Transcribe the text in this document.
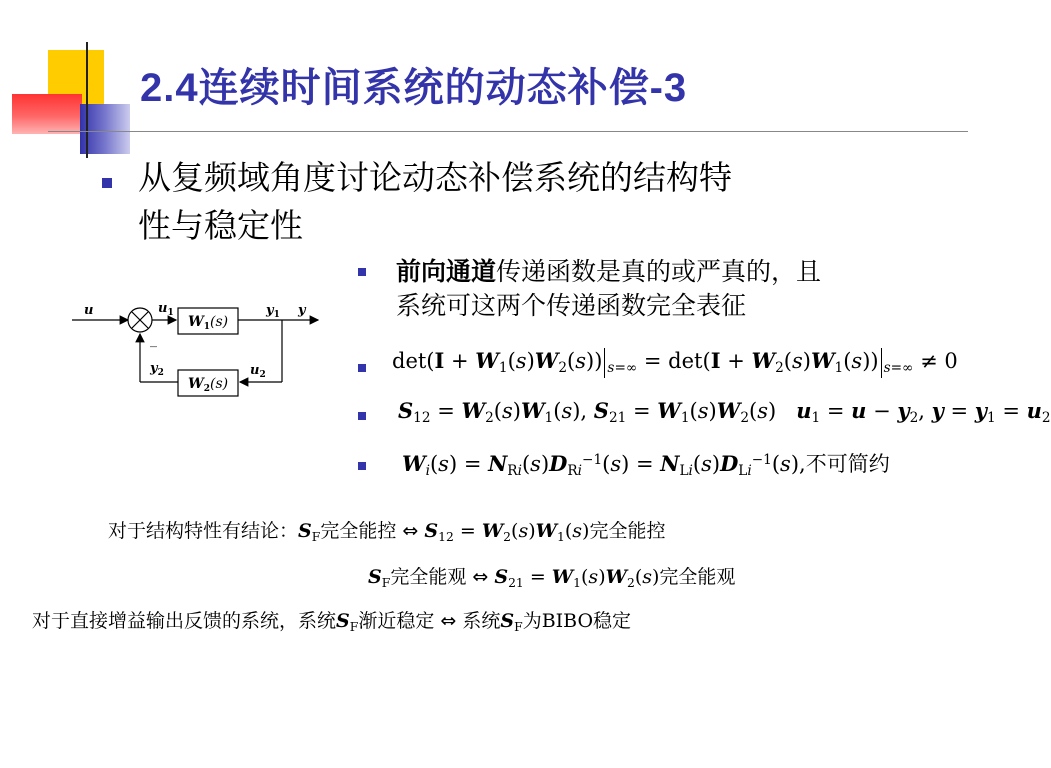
2.4连续时间系统的动态补偿-3
从复频域角度讨论动态补偿系统的结构特
性与稳定性
u	$u_1$
$W_1(s)$
$y_1$ y
_
$y_2$	$u_2$
$W_2(s)$
前向通道传递函数是真的或严真的，且
系统可这两个传递函数完全表征
$\det(I + W_1(s)W_2(s))$ $_{s=\infty} = \det(I + W_2(s)W_1(s))$ $_{s=\infty}$ ≠ 0
$S_{12} = W_2(s)W_1(s)$, $S_{21} = W_1(s)W_2(s) u_1 = u - y_2$, $y = y_1 = u_2$
$W_i(s) = N_{Ri}(s)D_{Ri}^{-1}(s) = N_{Li}(s)D_{Li}^{-1}(s)$,不可简约
对于结构特性有结论：$S_F$完全能控 ⇔ $S_{12} = W_2(s)W_1(s)$完全能控
$S_F$完全能观 ⇔ $S_{21} = W_1(s)W_2(s)$完全能观
对于直接增益输出反馈的系统，系统$S_F$渐近稳定 ⇔ 系统$S_F$为BIBO稳定
